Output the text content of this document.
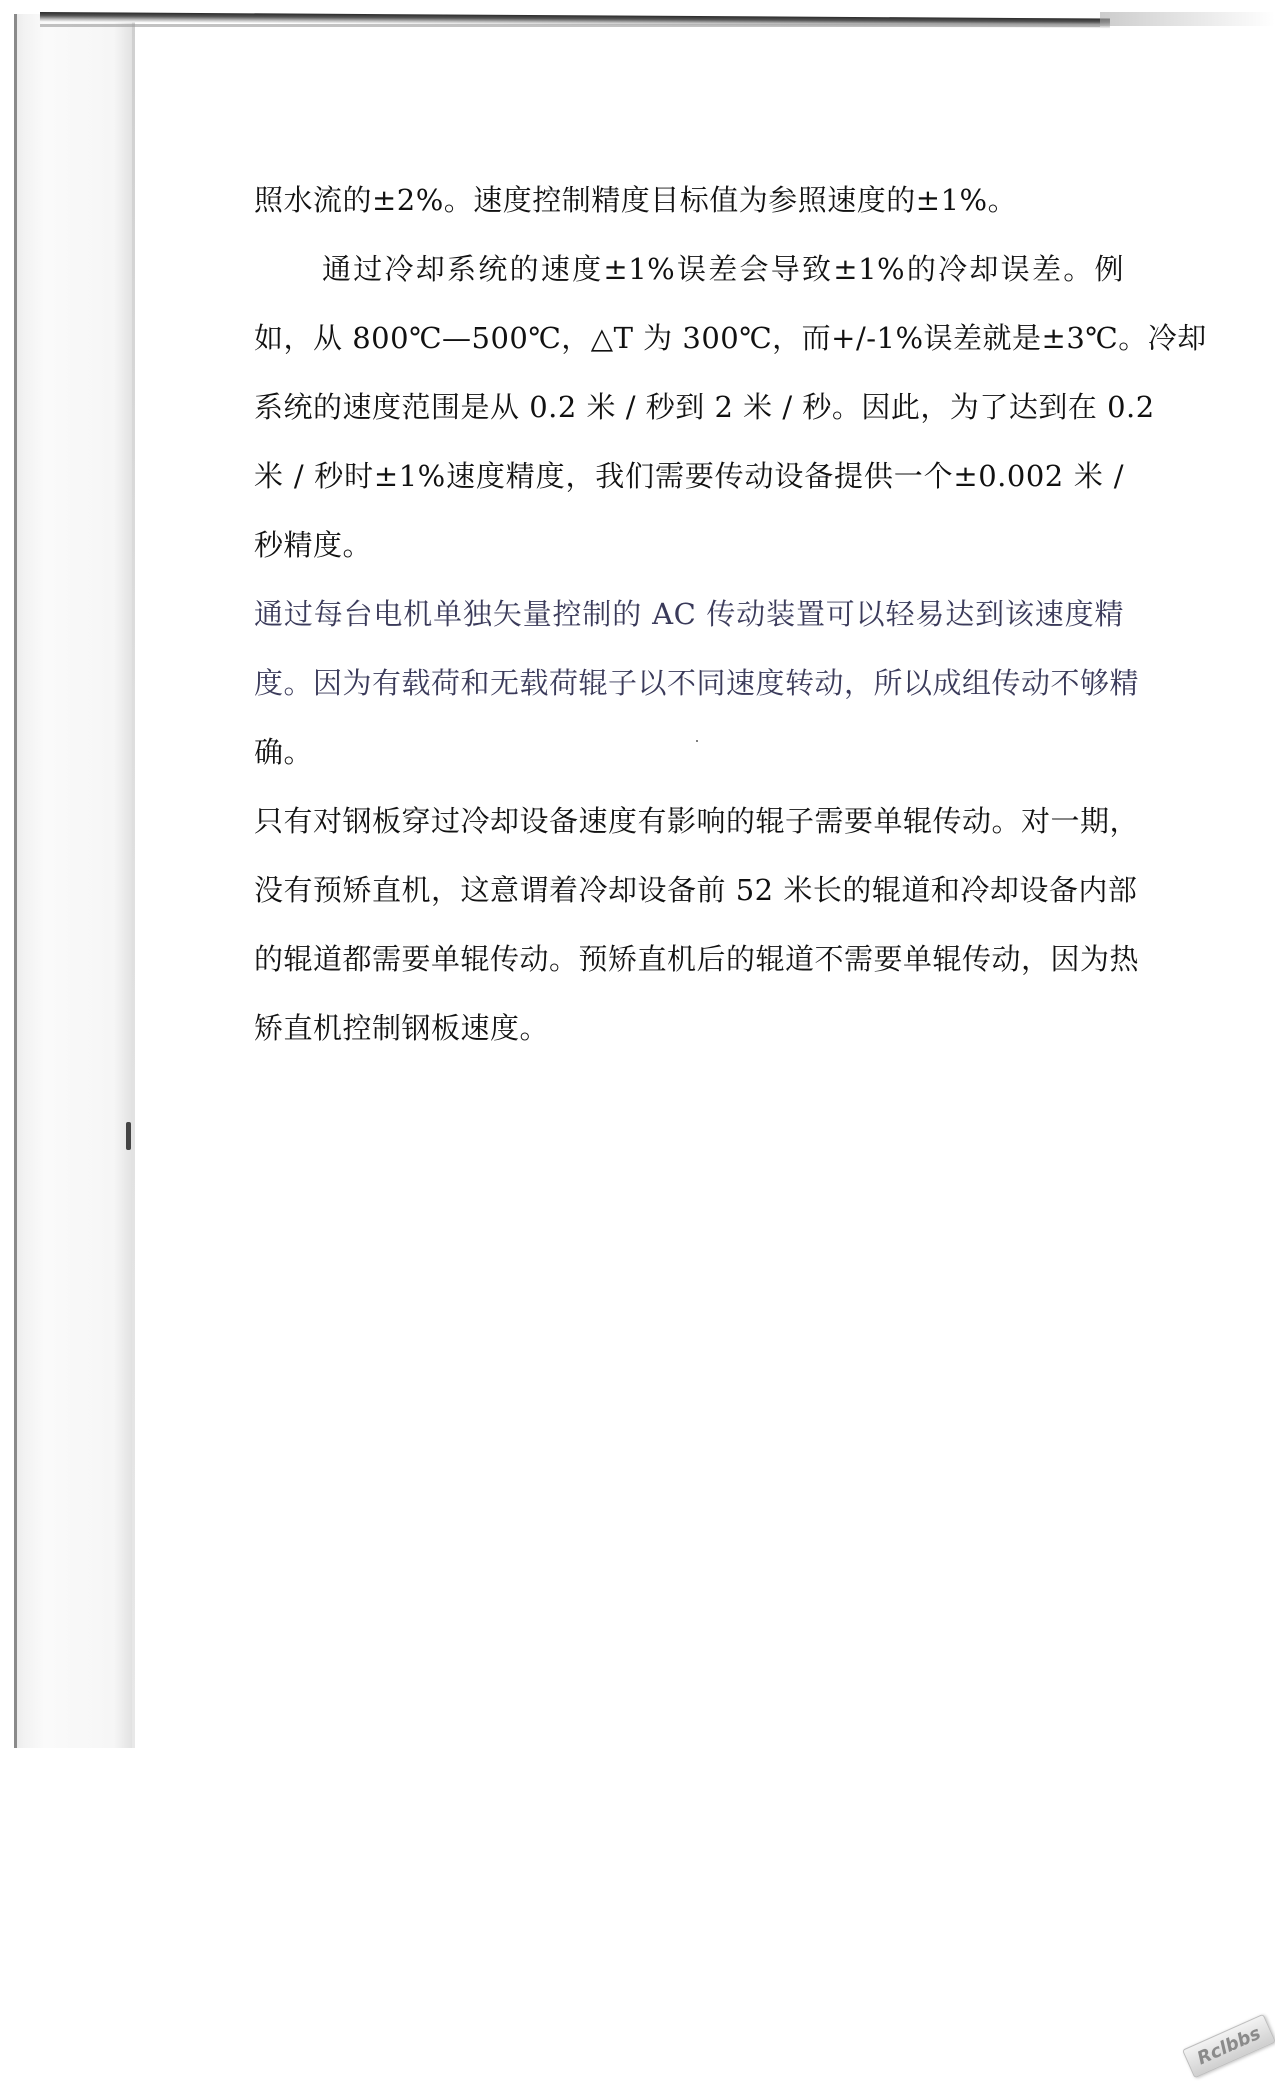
照水流的±2%。速度控制精度目标值为参照速度的±1%。
通过冷却系统的速度±1%误差会导致±1%的冷却误差。例
如，从 800℃—500℃，△T 为 300℃，而+/-1%误差就是±3℃。冷却
系统的速度范围是从 0.2 米 / 秒到 2 米 / 秒。因此，为了达到在 0.2
米 / 秒时±1%速度精度，我们需要传动设备提供一个±0.002 米 /
秒精度。
通过每台电机单独矢量控制的 AC 传动装置可以轻易达到该速度精
度。因为有载荷和无载荷辊子以不同速度转动，所以成组传动不够精
确。
只有对钢板穿过冷却设备速度有影响的辊子需要单辊传动。对一期，
没有预矫直机，这意谓着冷却设备前 52 米长的辊道和冷却设备内部
的辊道都需要单辊传动。预矫直机后的辊道不需要单辊传动，因为热
矫直机控制钢板速度。
Rclbbs
